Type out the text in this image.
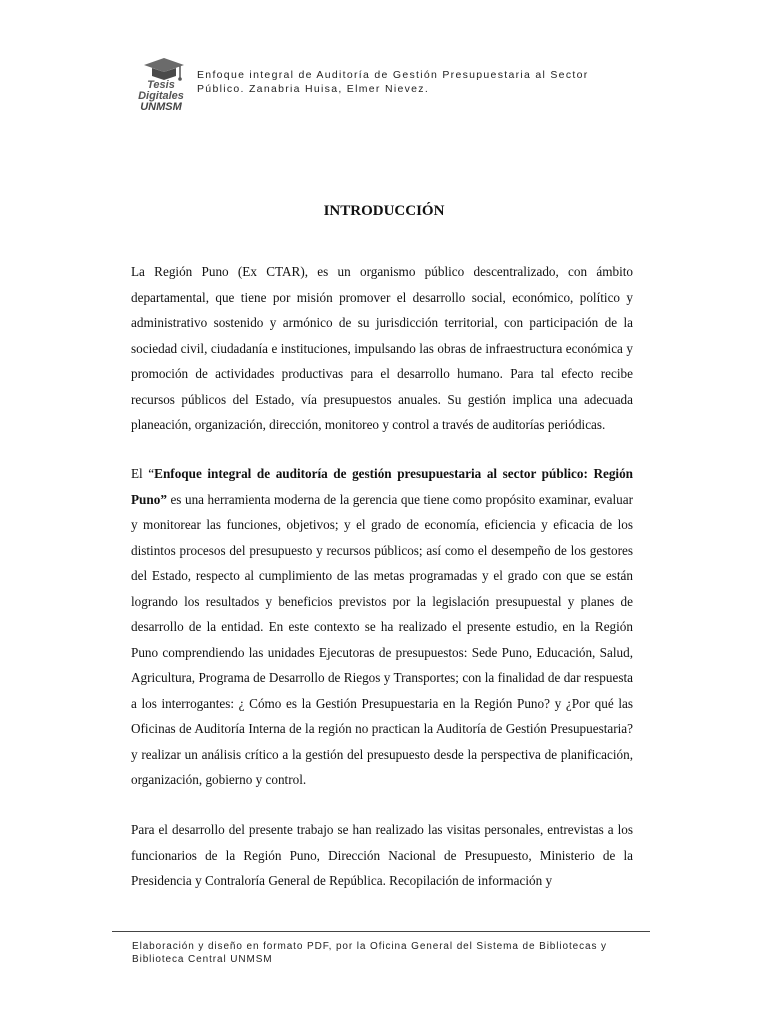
Tesis
Digitales
UNMSM
Enfoque integral de Auditoría de Gestión Presupuestaria al Sector
Público. Zanabria Huisa, Elmer Nievez.
INTRODUCCIÓN
La Región Puno (Ex CTAR), es un organismo público descentralizado, con ámbito departamental, que tiene por misión promover el desarrollo social, económico, político y administrativo sostenido y armónico de su jurisdicción territorial, con participación de la sociedad civil, ciudadanía e instituciones, impulsando las obras de infraestructura económica y promoción de actividades productivas para el desarrollo humano. Para tal efecto recibe recursos públicos del Estado, vía presupuestos anuales. Su gestión implica una adecuada planeación, organización, dirección, monitoreo y control a través de auditorías periódicas.
El “Enfoque integral de auditoría de gestión presupuestaria al sector público: Región Puno” es una herramienta moderna de la gerencia que tiene como propósito examinar, evaluar y monitorear las funciones, objetivos; y el grado de economía, eficiencia y eficacia de los distintos procesos del presupuesto y recursos públicos; así como el desempeño de los gestores del Estado, respecto al cumplimiento de las metas programadas y el grado con que se están logrando los resultados y beneficios previstos por la legislación presupuestal y planes de desarrollo de la entidad. En este contexto se ha realizado el presente estudio, en la Región Puno comprendiendo las unidades Ejecutoras de presupuestos: Sede Puno, Educación, Salud, Agricultura, Programa de Desarrollo de Riegos y Transportes; con la finalidad de dar respuesta a los interrogantes: ¿ Cómo es la Gestión Presupuestaria en la Región Puno? y ¿Por qué las Oficinas de Auditoría Interna de la región no practican la Auditoría de Gestión Presupuestaria? y realizar un análisis crítico a la gestión del presupuesto desde la perspectiva de planificación, organización, gobierno y control.
Para el desarrollo del presente trabajo se han realizado las visitas personales, entrevistas a los funcionarios de la Región Puno, Dirección Nacional de Presupuesto, Ministerio de la Presidencia y Contraloría General de República. Recopilación de información y
Elaboración y diseño en formato PDF, por la Oficina General del Sistema de Bibliotecas y
Biblioteca Central UNMSM
